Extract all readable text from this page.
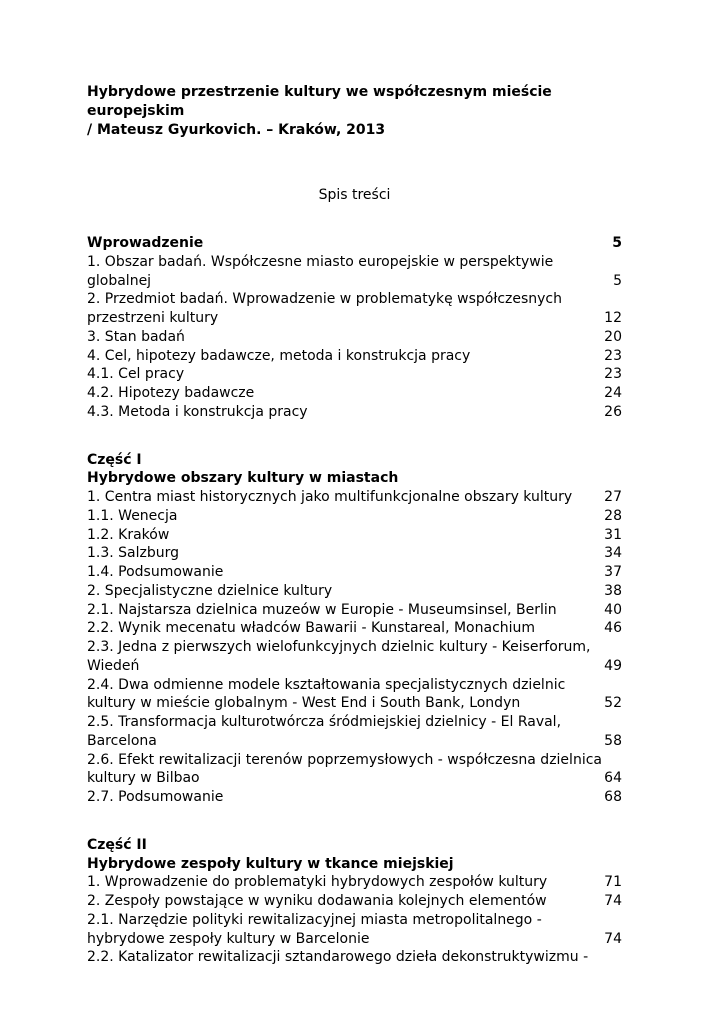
Hybrydowe przestrzenie kultury we współczesnym mieście europejskim
/ Mateusz Gyurkovich. – Kraków, 2013

Spis treści

Wprowadzenie	5
1. Obszar badań. Współczesne miasto europejskie w perspektywie
globalnej	5
2. Przedmiot badań. Wprowadzenie w problematykę współczesnych
przestrzeni kultury	12
3. Stan badań	20
4. Cel, hipotezy badawcze, metoda i konstrukcja pracy	23
4.1. Cel pracy	23
4.2. Hipotezy badawcze	24
4.3. Metoda i konstrukcja pracy	26
Część I
Hybrydowe obszary kultury w miastach
1. Centra miast historycznych jako multifunkcjonalne obszary kultury	27
1.1. Wenecja	28
1.2. Kraków	31
1.3. Salzburg	34
1.4. Podsumowanie	37
2. Specjalistyczne dzielnice kultury	38
2.1. Najstarsza dzielnica muzeów w Europie - Museumsinsel, Berlin	40
2.2. Wynik mecenatu władców Bawarii - Kunstareal, Monachium	46
2.3. Jedna z pierwszych wielofunkcyjnych dzielnic kultury - Keiserforum,
Wiedeń	49
2.4. Dwa odmienne modele kształtowania specjalistycznych dzielnic
kultury w mieście globalnym - West End i South Bank, Londyn	52
2.5. Transformacja kulturotwórcza śródmiejskiej dzielnicy - El Raval,
Barcelona	58
2.6. Efekt rewitalizacji terenów poprzemysłowych - współczesna dzielnica
kultury w Bilbao	64
2.7. Podsumowanie	68
Część II
Hybrydowe zespoły kultury w tkance miejskiej
1. Wprowadzenie do problematyki hybrydowych zespołów kultury	71
2. Zespoły powstające w wyniku dodawania kolejnych elementów	74
2.1. Narzędzie polityki rewitalizacyjnej miasta metropolitalnego -
hybrydowe zespoły kultury w Barcelonie	74
2.2. Katalizator rewitalizacji sztandarowego dzieła dekonstruktywizmu -
